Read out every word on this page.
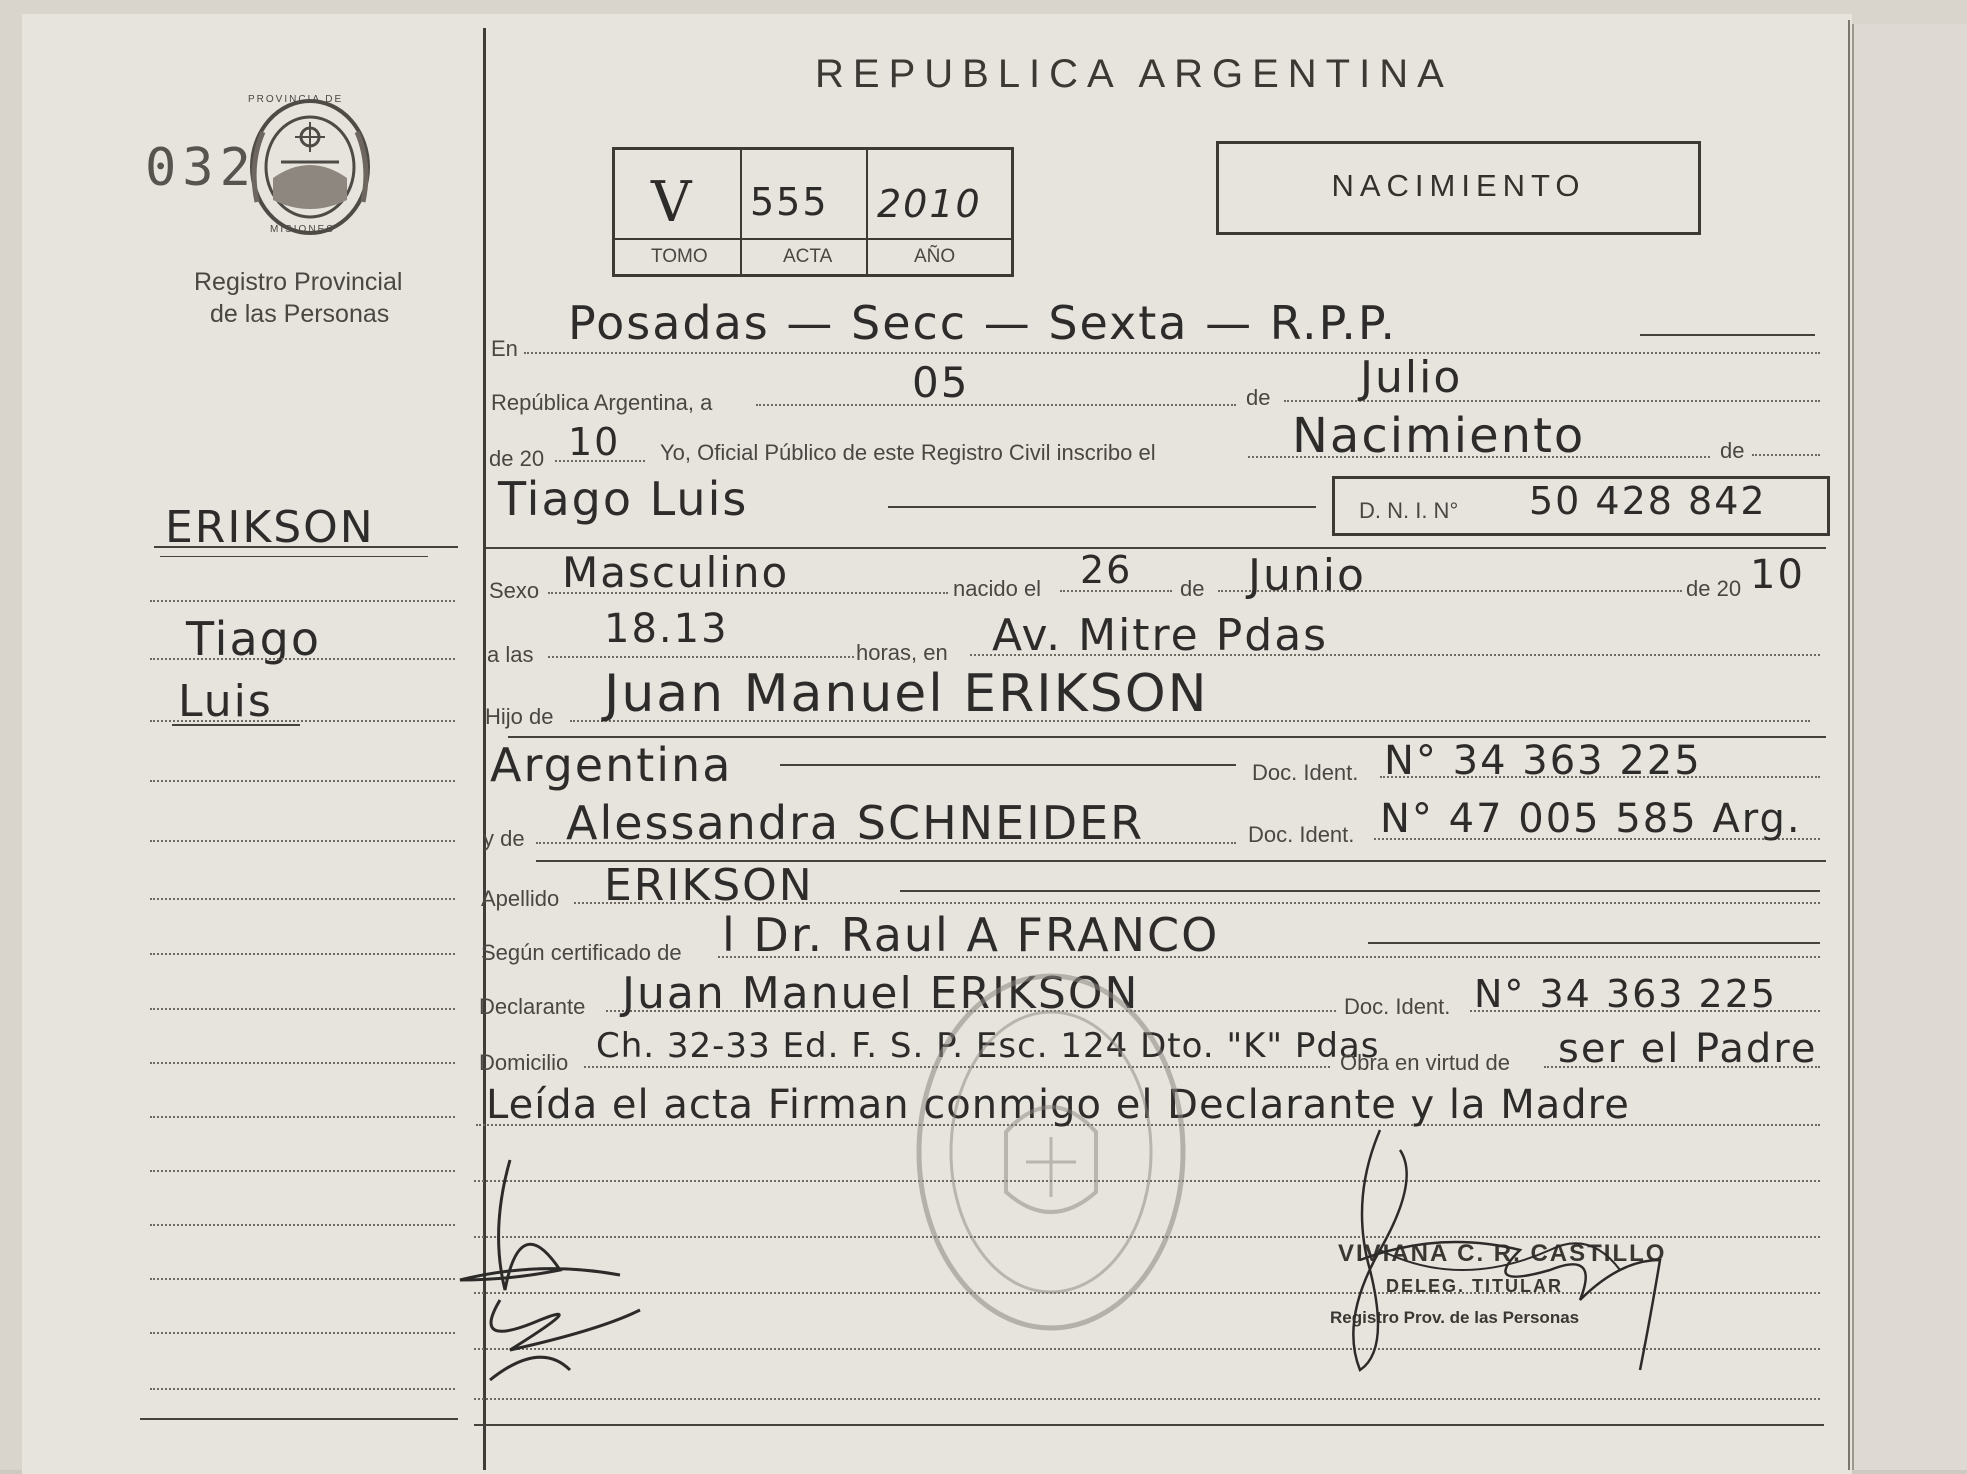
REPUBLICA ARGENTINA
032
PROVINCIA DE
MISIONES
Registro Provincial
de las Personas
V 555 2010
TOMO	ACTA	AÑO
NACIMIENTO
ERIKSON
Tiago
Luis
En Posadas — Secc — Sexta — R.P.P.
República Argentina, a	05	de Julio
de 20 10 Yo, Oficial Público de este Registro Civil inscribo el	Nacimiento	de
Tiago Luis	D. N. I. N° 50 428 842
Sexo Masculino	nacido el 26 de Junio	de 20 10
a las
18.13
horas, en Av. Mitre Pdas
Hijo de Juan Manuel ERIKSON
Argentina	Doc. Ident. N° 34 363 225
y de Alessandra SCHNEIDER	Doc. Ident. N° 47 005 585 Arg.
Apellido ERIKSON
Según certificado de l Dr. Raul A FRANCO
Declarante Juan Manuel ERIKSON	Doc. Ident. N° 34 363 225
Domicilio Ch. 32-33 Ed. F. S. P. Esc. 124 Dto. "K" Pdas
Obra en virtud de ser el Padre
Leída el acta Firman conmigo el Declarante y la Madre
VIVIANA C. R. CASTILLO
DELEG. TITULAR
Registro Prov. de las Personas
